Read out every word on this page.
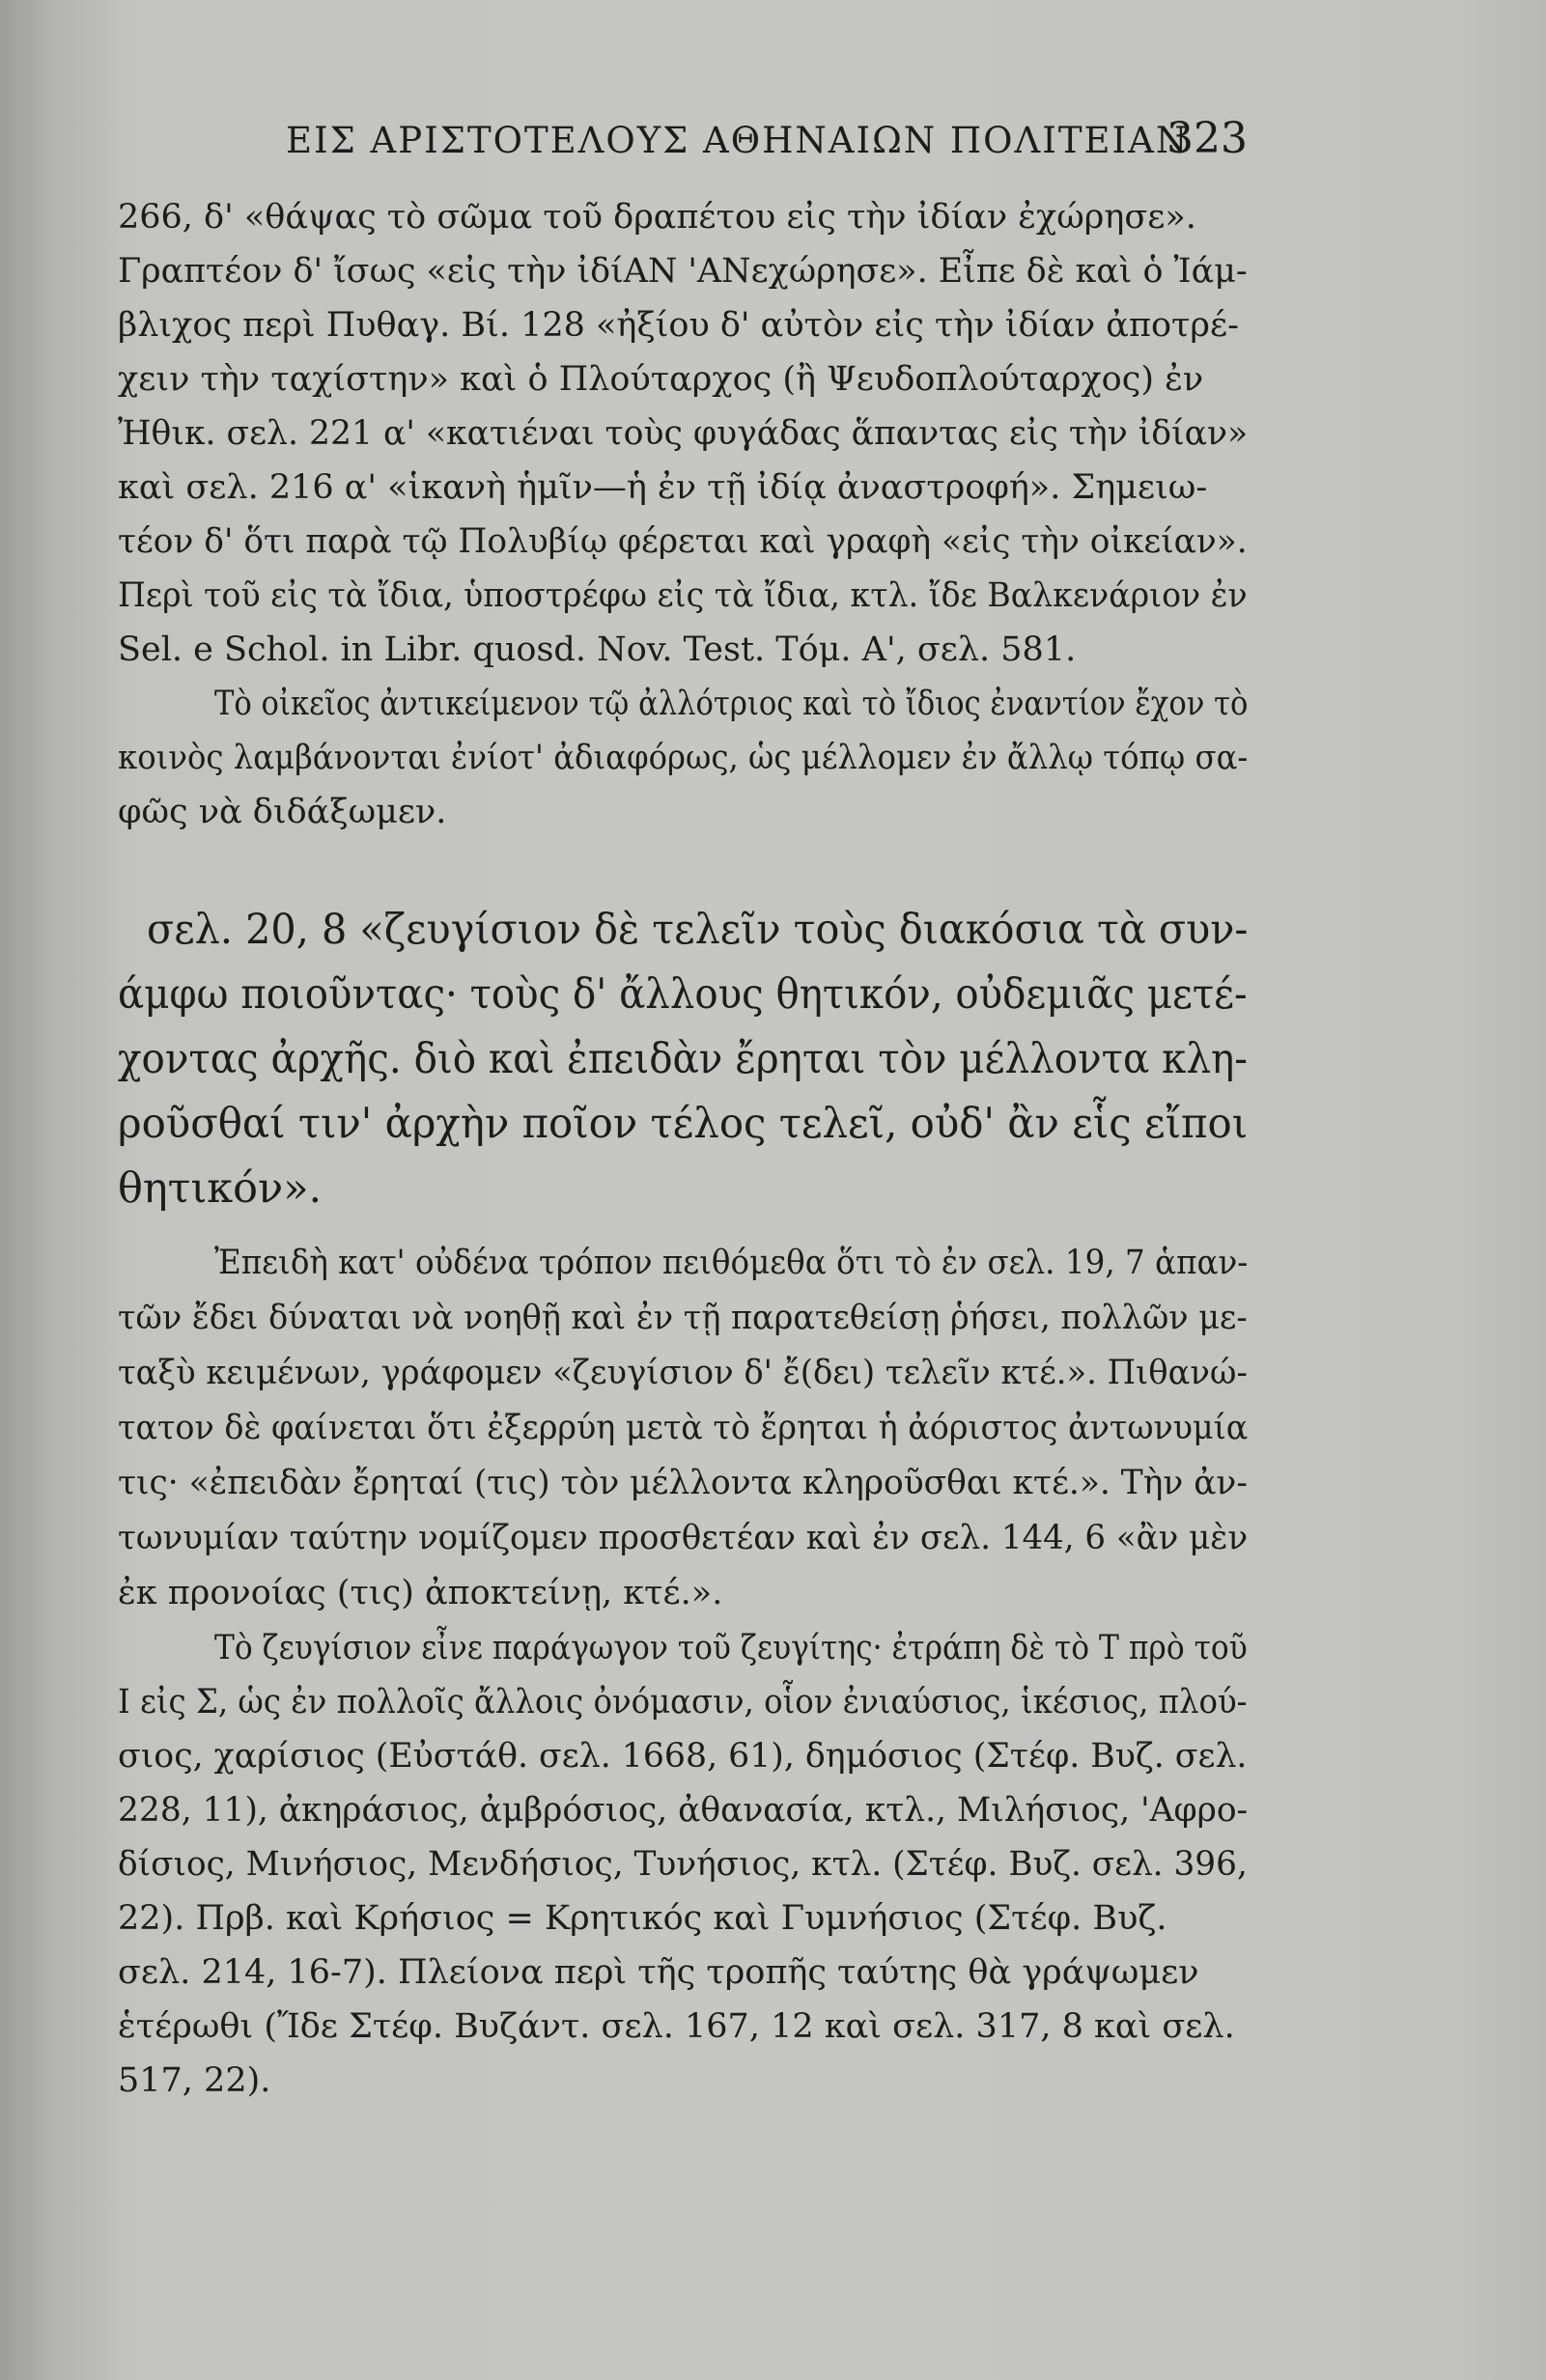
ΕΙΣ ΑΡΙΣΤΟΤΕΛΟΥΣ ΑΘΗΝΑΙΩΝ ΠΟΛΙΤΕΙΑΝ
323
266, δ' «θάψας τὸ σῶμα τοῦ δραπέτου εἰς τὴν ἰδίαν ἐχώρησε».
Γραπτέον δ' ἴσως «εἰς τὴν ἰδίΑΝ 'ΑΝεχώρησε». Εἶπε δὲ καὶ ὁ Ἰάμ-
βλιχος περὶ Πυθαγ. Βί. 128 «ἠξίου δ' αὐτὸν εἰς τὴν ἰδίαν ἀποτρέ-
χειν τὴν ταχίστην» καὶ ὁ Πλούταρχος (ἢ Ψευδοπλούταρχος) ἐν
Ἠθικ. σελ. 221 α' «κατιέναι τοὺς φυγάδας ἅπαντας εἰς τὴν ἰδίαν»
καὶ σελ. 216 α' «ἱκανὴ ἡμῖν—ἡ ἐν τῇ ἰδίᾳ ἀναστροφή». Σημειω-
τέον δ' ὅτι παρὰ τῷ Πολυβίῳ φέρεται καὶ γραφὴ «εἰς τὴν οἰκείαν».
Περὶ τοῦ εἰς τὰ ἴδια, ὑποστρέφω εἰς τὰ ἴδια, κτλ. ἴδε Βαλκενάριον ἐν
Sel. e Schol. in Libr. quosd. Nov. Test. Τόμ. Α', σελ. 581.
Τὸ οἰκεῖος ἀντικείμενον τῷ ἀλλότριος καὶ τὸ ἴδιος ἐναντίον ἔχον τὸ
κοινὸς λαμβάνονται ἐνίοτ' ἀδιαφόρως, ὡς μέλλομεν ἐν ἄλλῳ τόπῳ σα-
φῶς νὰ διδάξωμεν.
σελ. 20, 8 «ζευγίσιον δὲ τελεῖν τοὺς διακόσια τὰ συν-
άμφω ποιοῦντας· τοὺς δ' ἄλλους θητικόν, οὐδεμιᾶς μετέ-
χοντας ἀρχῆς. διὸ καὶ ἐπειδὰν ἔρηται τὸν μέλλοντα κλη-
ροῦσθαί τιν' ἀρχὴν ποῖον τέλος τελεῖ, οὐδ' ἂν εἷς εἴποι
θητικόν».
Ἐπειδὴ κατ' οὐδένα τρόπον πειθόμεθα ὅτι τὸ ἐν σελ. 19, 7 ἁπαν-
τῶν ἔδει δύναται νὰ νοηθῇ καὶ ἐν τῇ παρατεθείσῃ ῥήσει, πολλῶν με-
ταξὺ κειμένων, γράφομεν «ζευγίσιον δ' ἔ(δει) τελεῖν κτέ.». Πιθανώ-
τατον δὲ φαίνεται ὅτι ἐξερρύη μετὰ τὸ ἔρηται ἡ ἀόριστος ἀντωνυμία
τις· «ἐπειδὰν ἔρηταί (τις) τὸν μέλλοντα κληροῦσθαι κτέ.». Τὴν ἀν-
τωνυμίαν ταύτην νομίζομεν προσθετέαν καὶ ἐν σελ. 144, 6 «ἂν μὲν
ἐκ προνοίας (τις) ἀποκτείνῃ, κτέ.».
Τὸ ζευγίσιον εἶνε παράγωγον τοῦ ζευγίτης· ἐτράπη δὲ τὸ Τ πρὸ τοῦ
Ι εἰς Σ, ὡς ἐν πολλοῖς ἄλλοις ὀνόμασιν, οἷον ἐνιαύσιος, ἱκέσιος, πλού-
σιος, χαρίσιος (Εὐστάθ. σελ. 1668, 61), δημόσιος (Στέφ. Βυζ. σελ.
228, 11), ἀκηράσιος, ἀμβρόσιος, ἀθανασία, κτλ., Μιλήσιος, 'Αφρο-
δίσιος, Μινήσιος, Μενδήσιος, Τυνήσιος, κτλ. (Στέφ. Βυζ. σελ. 396,
22). Πρβ. καὶ Κρήσιος = Κρητικός καὶ Γυμνήσιος (Στέφ. Βυζ.
σελ. 214, 16-7). Πλείονα περὶ τῆς τροπῆς ταύτης θὰ γράψωμεν
ἑτέρωθι (Ἴδε Στέφ. Βυζάντ. σελ. 167, 12 καὶ σελ. 317, 8 καὶ σελ.
517, 22).
